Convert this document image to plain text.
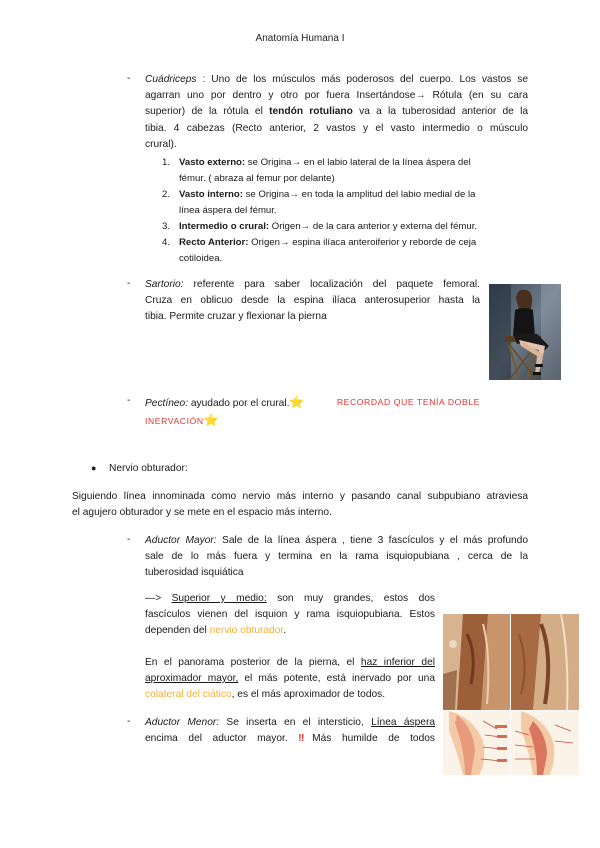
Anatomía Humana I
- Cuádriceps : Uno de los músculos más poderosos del cuerpo. Los vastos se
agarran uno por dentro y otro por fuera Insertándose→ Rótula (en su cara
superior) de la rótula el tendón rotuliano va a la tuberosidad anterior de la
tibia. 4 cabezas (Recto anterior, 2 vastos y el vasto intermedio o músculo
crural).
1. Vasto externo: se Origina→ en el labio lateral de la línea áspera del
fémur. ( abraza al femur por delante)
2. Vasto interno: se Origina→ en toda la amplitud del labio medial de la
línea áspera del fémur.
3. Intermedio o crural: Origen→ de la cara anterior y externa del fémur.
4. Recto Anterior: Origen→ espina ilíaca anteroiferior y reborde de ceja
cotiloidea.
- Sartorio: referente para saber localización del paquete femoral.
Cruza en oblicuo desde la espina ilíaca anterosuperior hasta la
tibia. Permite cruzar y flexionar la pierna
- Pectíneo: ayudado por el crural.⭐	RECORDAD QUE TENÍA DOBLE
INERVACIÓN⭐
● Nervio obturador:
Siguiendo línea innominada como nervio más interno y pasando canal subpubiano atraviesa
el agujero obturador y se mete en el espacio más interno.
- Aductor Mayor: Sale de la línea áspera , tiene 3 fascículos y el más profundo
sale de lo más fuera y termina en la rama isquiopubiana , cerca de la
tuberosidad isquiática
—> Superior y medio: son muy grandes, estos dos
fascículos vienen del isquion y rama isquiopubiana. Estos
dependen del nervio obturador.
En el panorama posterior de la pierna, el haz inferior del
aproximador mayor, el más potente, está inervado por una
colateral del ciático, es el más aproximador de todos.
- Aductor Menor: Se inserta en el intersticio, Línea áspera
encima del aductor mayor. ‼Más humilde de todos
